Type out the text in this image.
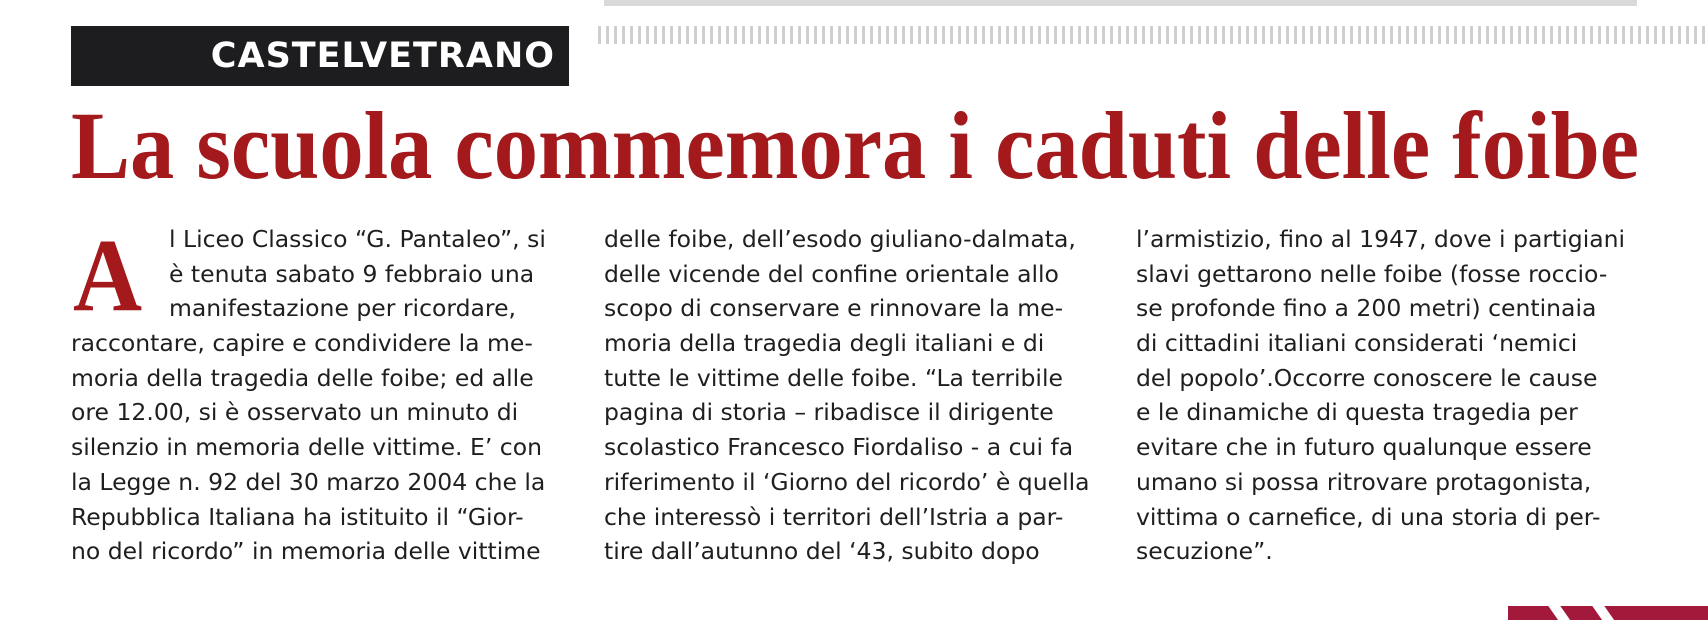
CASTELVETRANO
La scuola commemora i caduti delle foibe
A	l Liceo Classico “G. Pantaleo”, si
è tenuta sabato 9 febbraio una
manifestazione per ricordare,
raccontare, capire e condividere la me-
moria della tragedia delle foibe; ed alle
ore 12.00, si è osservato un minuto di
silenzio in memoria delle vittime. E’ con
la Legge n. 92 del 30 marzo 2004 che la
Repubblica Italiana ha istituito il “Gior-
no del ricordo” in memoria delle vittime
delle foibe, dell’esodo giuliano-dalmata,
delle vicende del confine orientale allo
scopo di conservare e rinnovare la me-
moria della tragedia degli italiani e di
tutte le vittime delle foibe. “La terribile
pagina di storia – ribadisce il dirigente
scolastico Francesco Fiordaliso - a cui fa
riferimento il ‘Giorno del ricordo’ è quella
che interessò i territori dell’Istria a par-
tire dall’autunno del ‘43, subito dopo
l’armistizio, fino al 1947, dove i partigiani
slavi gettarono nelle foibe (fosse roccio-
se profonde fino a 200 metri) centinaia
di cittadini italiani considerati ‘nemici
del popolo’.Occorre conoscere le cause
e le dinamiche di questa tragedia per
evitare che in futuro qualunque essere
umano si possa ritrovare protagonista,
vittima o carnefice, di una storia di per-
secuzione”.
